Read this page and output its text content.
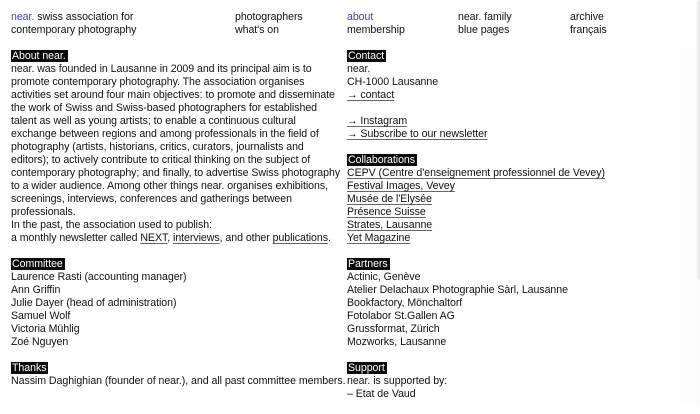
near. swiss association for
contemporary photography
photographers
what's on
about
membership
near. family
blue pages
archive
français
About near.
near. was founded in Lausanne in 2009 and its principal aim is to promote contemporary photography. The association organises activities set around four main objectives: to promote and disseminate the work of Swiss and Swiss-based photographers for established talent as well as young artists; to enable a continuous cultural exchange between regions and among professionals in the field of photography (artists, historians, critics, curators, journalists and editors); to actively contribute to critical thinking on the subject of contemporary photography; and finally, to advertise Swiss photography to a wider audience. Among other things near. organises exhibitions, screenings, interviews, conferences and gatherings between professionals.
In the past, the association used to publish:
a monthly newsletter called NEXT, interviews, and other publications.
Committee
Laurence Rasti (accounting manager)
Ann Griffin
Julie Dayer (head of administration)
Samuel Wolf
Victoria Mühlig
Zoé Nguyen
Thanks
Nassim Daghighian (founder of near.), and all past committee members.
Contact
near.
CH-1000 Lausanne
→ contact
→ Instagram
→ Subscribe to our newsletter
Collaborations
CEPV (Centre d'enseignement professionnel de Vevey)
Festival Images, Vevey
Musée de l'Elysée
Présence Suisse
Strates, Lausanne
Yet Magazine
Partners
Actinic, Genève
Atelier Delachaux Photographie Sàrl, Lausanne
Bookfactory, Mönchaltorf
Fotolabor St.Gallen AG
Grussformat, Zürich
Mozworks, Lausanne
Support
near. is supported by:
– Etat de Vaud
